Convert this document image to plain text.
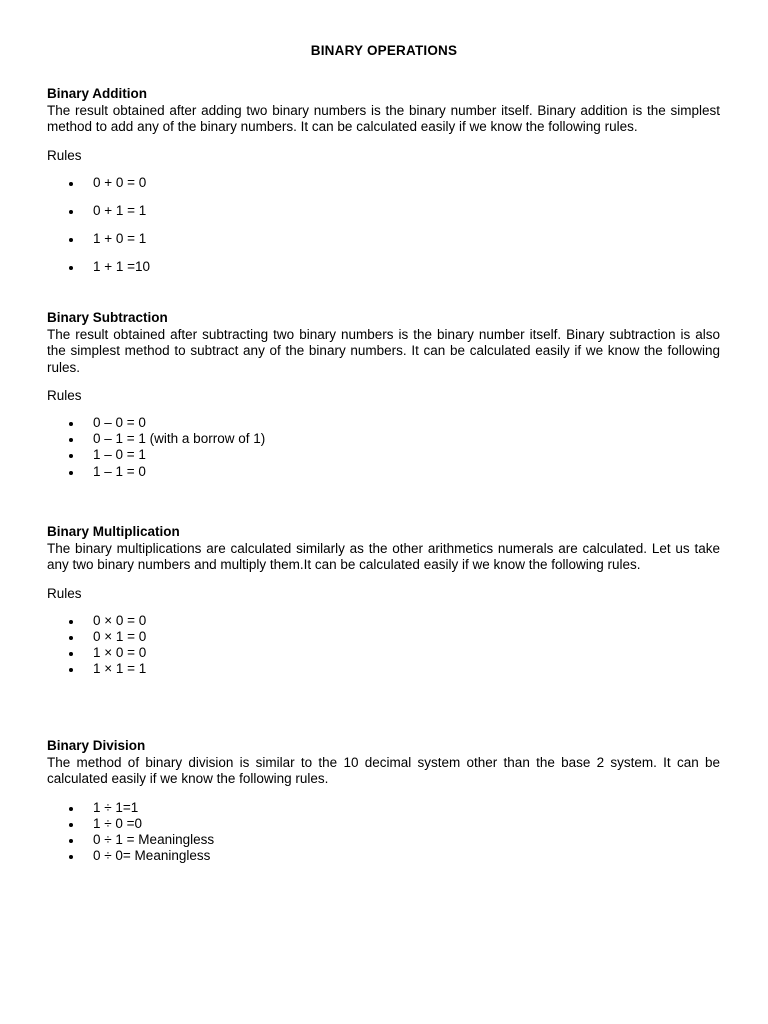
BINARY OPERATIONS

Binary Addition

The result obtained after adding two binary numbers is the binary number itself. Binary addition is the simplest method to add any of the binary numbers. It can be calculated easily if we know the following rules.

Rules

0 + 0 = 0
0 + 1 = 1
1 + 0 = 1
1 + 1 =10

Binary Subtraction

The result obtained after subtracting two binary numbers is the binary number itself. Binary subtraction is also the simplest method to subtract any of the binary numbers. It can be calculated easily if we know the following rules.

Rules

0 – 0 = 0
0 – 1 = 1 (with a borrow of 1)
1 – 0 = 1
1 – 1 = 0

Binary Multiplication

The binary multiplications are calculated similarly as the other arithmetics numerals are calculated. Let us take any two binary numbers and multiply them.It can be calculated easily if we know the following rules.

Rules

0 × 0 = 0
0 × 1 = 0
1 × 0 = 0
1 × 1 = 1

Binary Division

The method of binary division is similar to the 10 decimal system other than the base 2 system. It can be calculated easily if we know the following rules.

1 ÷ 1=1
1 ÷ 0 =0
0 ÷ 1 = Meaningless
0 ÷ 0= Meaningless
